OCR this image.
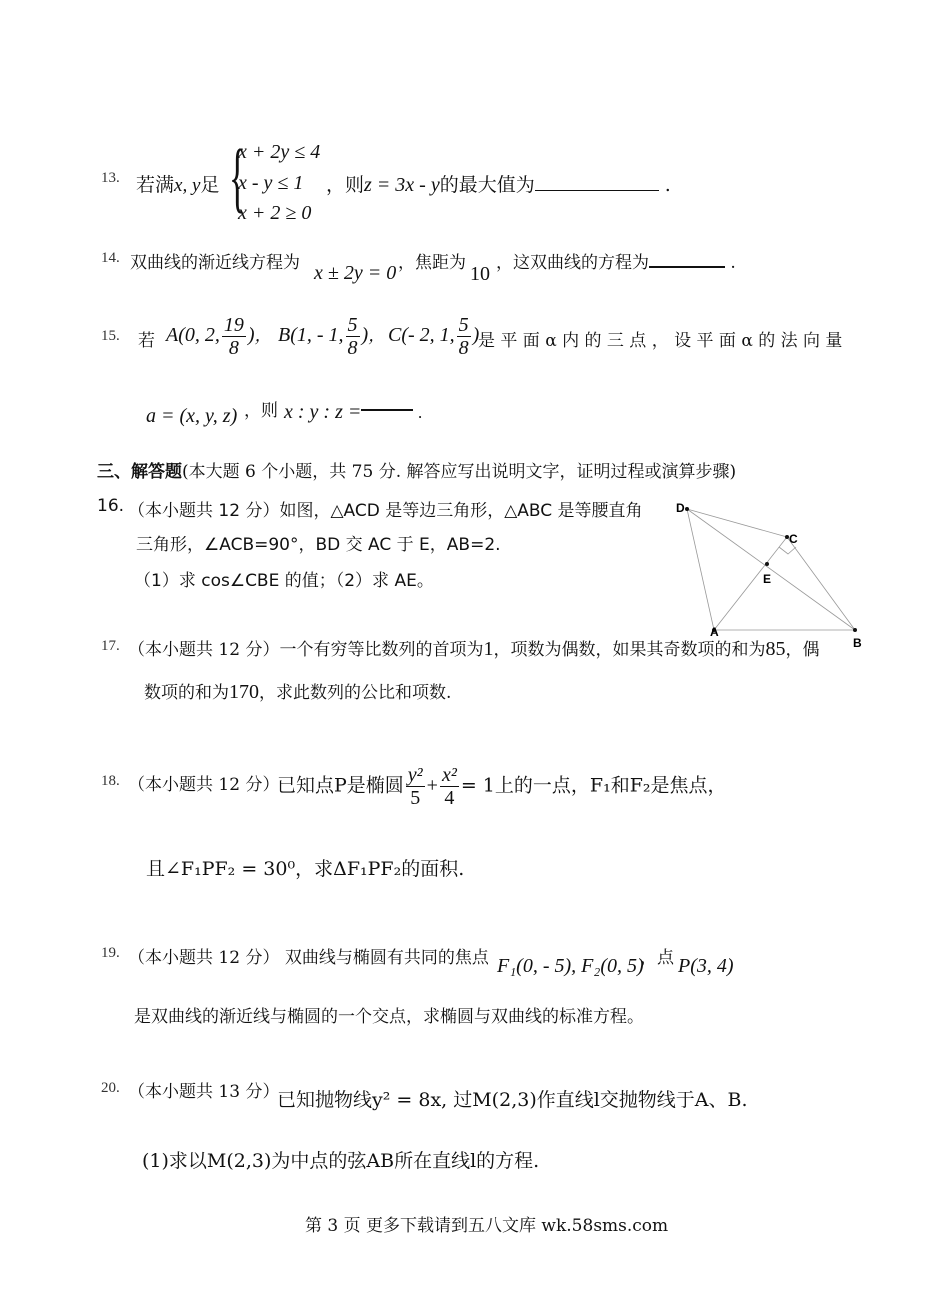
13. 若满x, y足 {
x + 2y ≤ 4
x - y ≤ 1
x + 2 ≥ 0
，则z = 3x - y的最大值为	.
14. 双曲线的渐近线方程为 x ± 2y = 0 ，焦距为 10 ，这双曲线的方程为	.
15. 若 A(0, 2, $\frac{19}{8}$ )， B(1, - 1, $\frac{5}{8}$ )， C(- 2, 1, $\frac{5}{8}$ )
是 平 面 α 内 的 三 点 ， 设 平 面 α 的 法 向 量
a = (x, y, z) ，则 x : y : z =	.
三、解答题(本大题 6 个小题，共 75 分. 解答应写出说明文字，证明过程或演算步骤)
16. （本小题共 12 分）如图，△ACD 是等边三角形，△ABC 是等腰直角
三角形，∠ACB=90°，BD 交 AC 于 E，AB=2.
（1）求 cos∠CBE 的值；（2）求 AE。
D
C
E
A
B
17. （本小题共 12 分）一个有穷等比数列的首项为1，项数为偶数，如果其奇数项的和为85，偶
数项的和为170，求此数列的公比和项数.
18. （本小题共 12 分）
已知点P是椭圆 $\frac{\text{y²}}{5} + \frac{\text{x²}}{4} = 1$上的一点，F₁和F₂是焦点，
且∠F₁PF₂ = 30⁰，求ΔF₁PF₂的面积.
19. （本小题共 12 分） 双曲线与椭圆有共同的焦点 F₁(0, - 5), F₂(0, 5)
，点 P(3, 4)
是双曲线的渐近线与椭圆的一个交点，求椭圆与双曲线的标准方程。
20. （本小题共 13 分）
已知抛物线y² = 8x, 过M(2,3)作直线l交抛物线于A、B.
(1)求以M(2,3)为中点的弦AB所在直线l的方程.
第 3 页 更多下载请到五八文库 wk.58sms.com
